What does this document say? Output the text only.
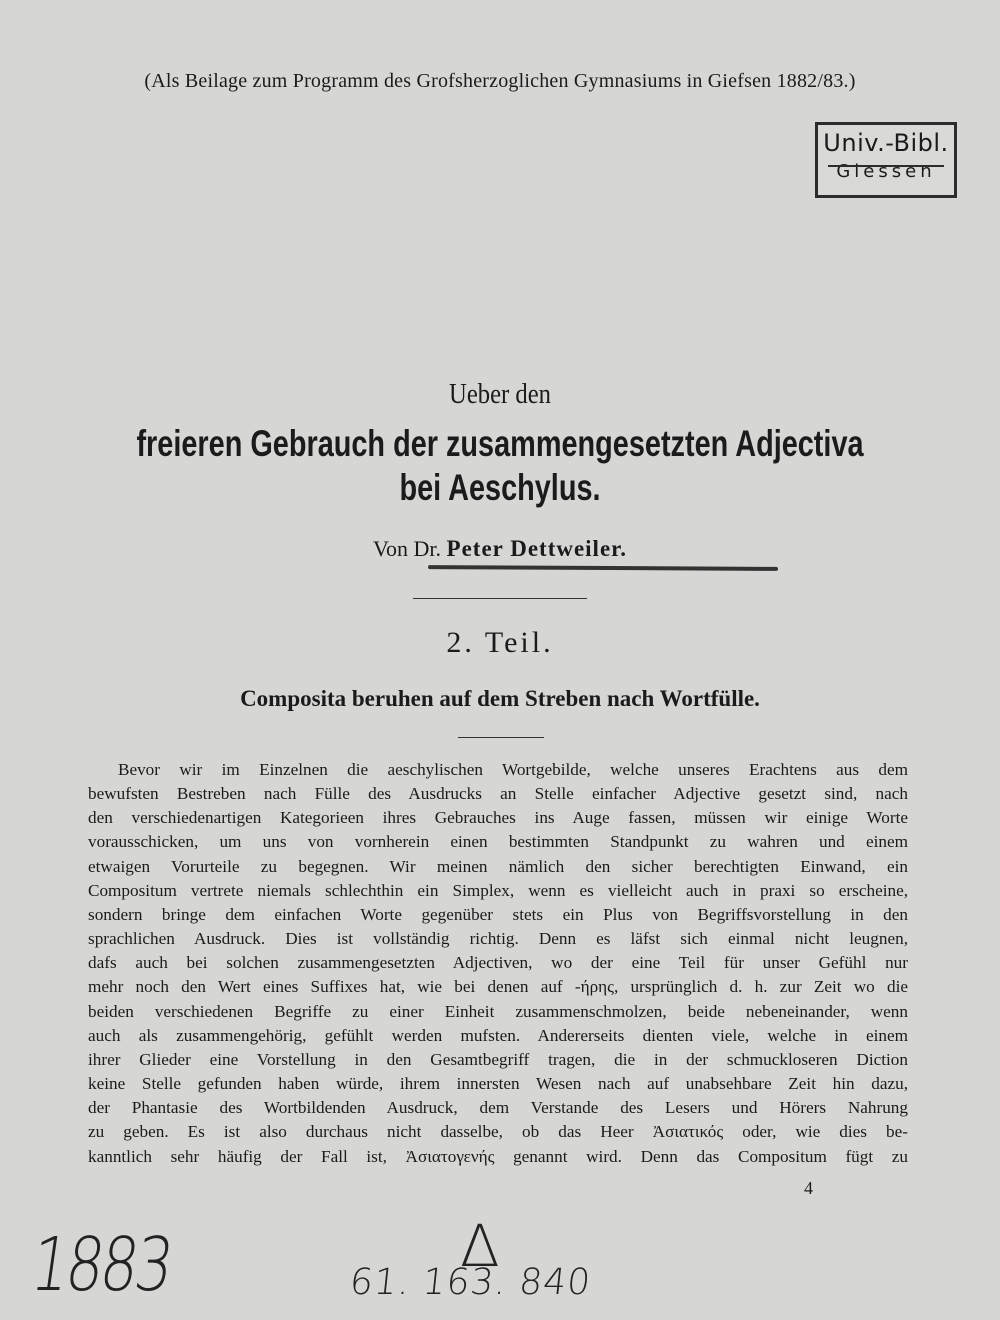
(Als Beilage zum Programm des Grofsherzoglichen Gymnasiums in Giefsen 1882/83.)
Univ.-Bibl.
Giessen
Ueber den
freieren Gebrauch der zusammengesetzten Adjectiva
bei Aeschylus.
Von Dr. Peter Dettweiler.
2. Teil.
Composita beruhen auf dem Streben nach Wortfülle.
Bevor wir im Einzelnen die aeschylischen Wortgebilde, welche unseres Erachtens aus dem
bewufsten Bestreben nach Fülle des Ausdrucks an Stelle einfacher Adjective gesetzt sind, nach
den verschiedenartigen Kategorieen ihres Gebrauches ins Auge fassen, müssen wir einige Worte
vorausschicken, um uns von vornherein einen bestimmten Standpunkt zu wahren und einem
etwaigen Vorurteile zu begegnen. Wir meinen nämlich den sicher berechtigten Einwand, ein
Compositum vertrete niemals schlechthin ein Simplex, wenn es vielleicht auch in praxi so erscheine,
sondern bringe dem einfachen Worte gegenüber stets ein Plus von Begriffsvorstellung in den
sprachlichen Ausdruck. Dies ist vollständig richtig. Denn es läfst sich einmal nicht leugnen,
dafs auch bei solchen zusammengesetzten Adjectiven, wo der eine Teil für unser Gefühl nur
mehr noch den Wert eines Suffixes hat, wie bei denen auf -ήρης, ursprünglich d. h. zur Zeit wo die
beiden verschiedenen Begriffe zu einer Einheit zusammenschmolzen, beide nebeneinander, wenn
auch als zusammengehörig, gefühlt werden mufsten. Andererseits dienten viele, welche in einem
ihrer Glieder eine Vorstellung in den Gesamtbegriff tragen, die in der schmuckloseren Diction
keine Stelle gefunden haben würde, ihrem innersten Wesen nach auf unabsehbare Zeit hin dazu,
der Phantasie des Wortbildenden Ausdruck, dem Verstande des Lesers und Hörers Nahrung
zu geben. Es ist also durchaus nicht dasselbe, ob das Heer Ἀσιατικός oder, wie dies be-
kanntlich sehr häufig der Fall ist, Ἀσιατογενής genannt wird. Denn das Compositum fügt zu
4
1883	Δ
61. 163. 840
